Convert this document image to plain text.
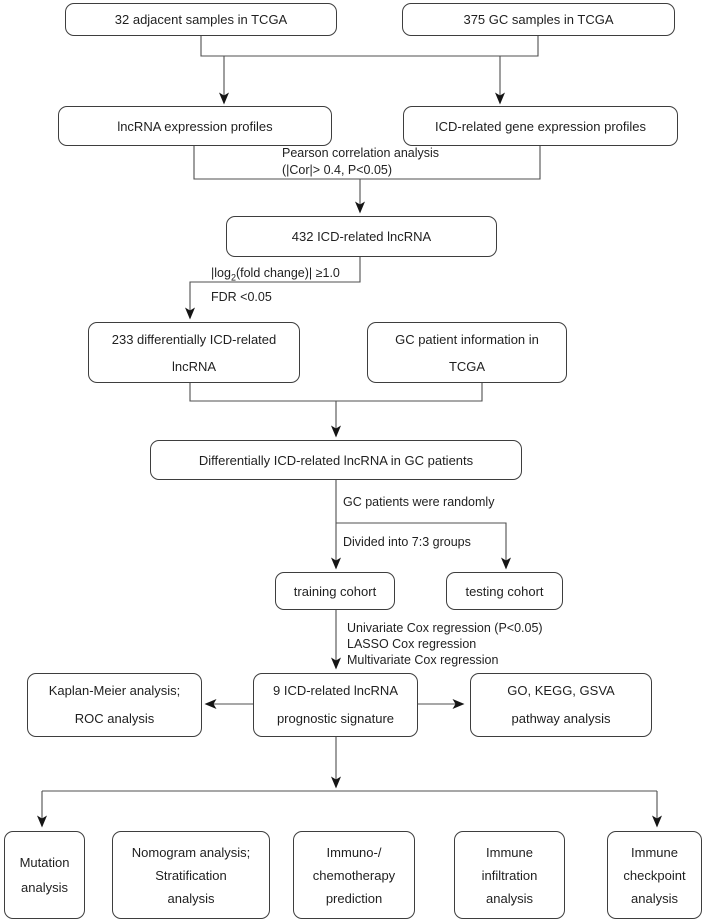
32 adjacent samples in TCGA	375 GC samples in TCGA
lncRNA expression profiles	ICD-related gene expression profiles
Pearson correlation analysis
(|Cor|> 0.4, P<0.05)
432 ICD-related lncRNA
$|\log_2(fold$ change)| ≥1.0
FDR <0.05
233 differentially ICD-related
lncRNA
GC patient information in
TCGA
Differentially ICD-related lncRNA in GC patients
GC patients were randomly
Divided into 7:3 groups
training cohort	testing cohort
Univariate Cox regression (P<0.05)
LASSO Cox regression
Multivariate Cox regression
Kaplan-Meier analysis;
ROC analysis
9 ICD-related lncRNA
prognostic signature
GO, KEGG, GSVA
pathway analysis
Mutation
analysis
Nomogram analysis;
Stratification
analysis
Immuno-/
chemotherapy
prediction
Immune
infiltration
analysis
Immune
checkpoint
analysis
